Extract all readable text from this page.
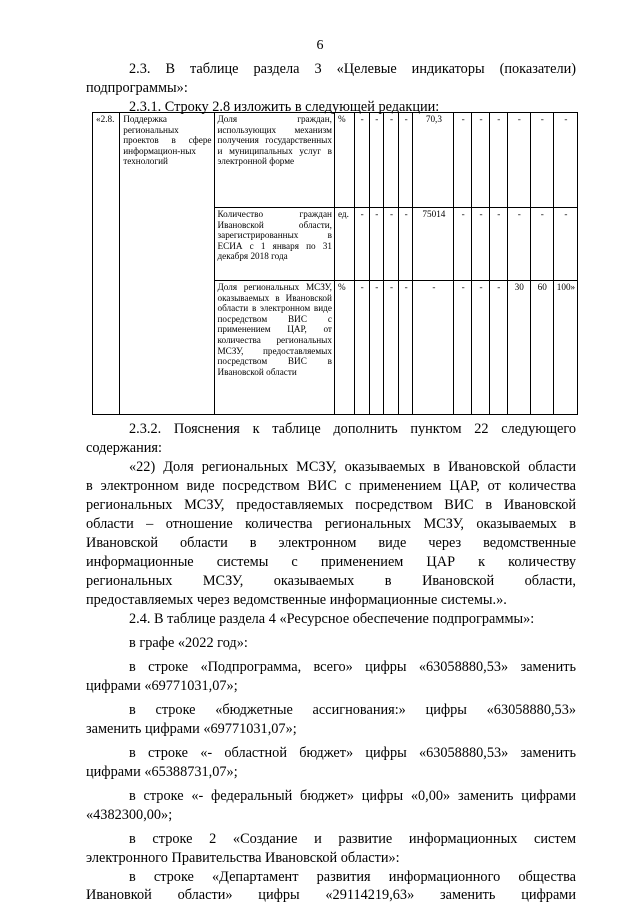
6

2.3. В таблице раздела 3 «Целевые индикаторы (показатели) подпрограммы»:

2.3.1. Строку 2.8 изложить в следующей редакции:

«2.8.	Поддержка региональных проектов в сфере информацион-ных технологий	Доля граждан, использующих механизм получения государственных и муниципальных услуг в электронной форме	%	-	-	-	-	70,3	-	-	-	-	-	-
		Количество граждан Ивановской области, зарегистрированных в ЕСИА с 1 января по 31 декабря 2018 года	ед.	-	-	-	-	75014	-	-	-	-	-	-
		Доля региональных МСЗУ, оказываемых в Ивановской области в электронном виде посредством ВИС с применением ЦАР, от количества региональных МСЗУ, предоставляемых посредством ВИС в Ивановской области	%	-	-	-	-	-	-	-	-	30	60	100»

2.3.2. Пояснения к таблице дополнить пунктом 22 следующего

содержания:

«22) Доля региональных МСЗУ, оказываемых в Ивановской области
в электронном виде посредством ВИС с применением ЦАР, от количества
региональных МСЗУ, предоставляемых посредством ВИС в Ивановской
области – отношение количества региональных МСЗУ, оказываемых в
Ивановской области в электронном виде через ведомственные
информационные системы с применением ЦАР к количеству
региональных МСЗУ, оказываемых в Ивановской области,
предоставляемых через ведомственные информационные системы.».

2.4. В таблице раздела 4 «Ресурсное обеспечение подпрограммы»:

в графе «2022 год»:

в строке «Подпрограмма, всего» цифры «63058880,53» заменить

цифрами «69771031,07»;

в строке «бюджетные ассигнования:» цифры «63058880,53»

заменить цифрами «69771031,07»;

в строке «- областной бюджет» цифры «63058880,53» заменить

цифрами «65388731,07»;

в строке «- федеральный бюджет» цифры «0,00» заменить цифрами

«4382300,00»;

в строке 2 «Создание и развитие информационных систем

электронного Правительства Ивановской области»:

в строке «Департамент развития информационного общества

Ивановкой области» цифры «29114219,63» заменить цифрами
